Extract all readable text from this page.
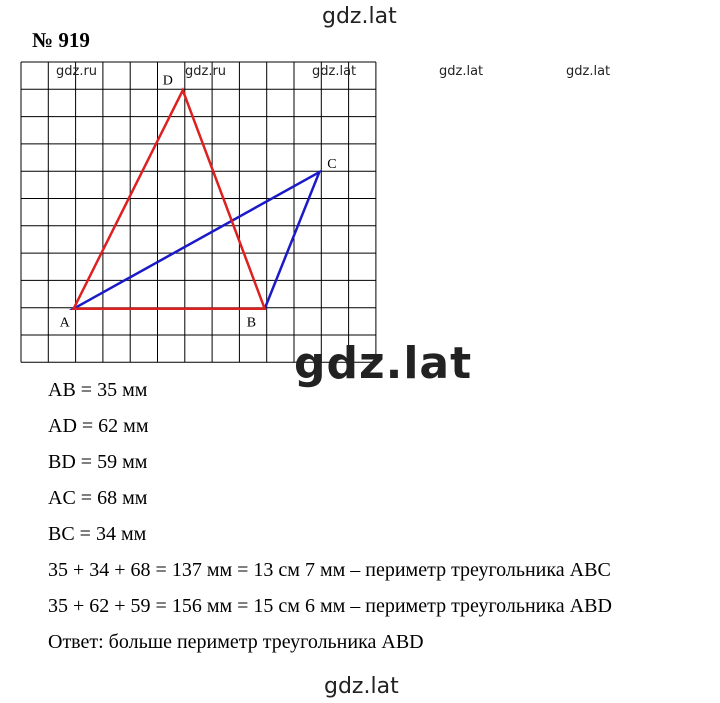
gdz.lat
№ 919
D
A	B
C
gdz.ru	gdz.ru	gdz.lat	gdz.lat	gdz.lat
gdz.lat
AB = 35 мм
AD = 62 мм
BD = 59 мм
AC = 68 мм
BC = 34 мм
35 + 34 + 68 = 137 мм = 13 см 7 мм – периметр треугольника ABC
35 + 62 + 59 = 156 мм = 15 см 6 мм – периметр треугольника ABD
Ответ: больше периметр треугольника ABD
gdz.lat
